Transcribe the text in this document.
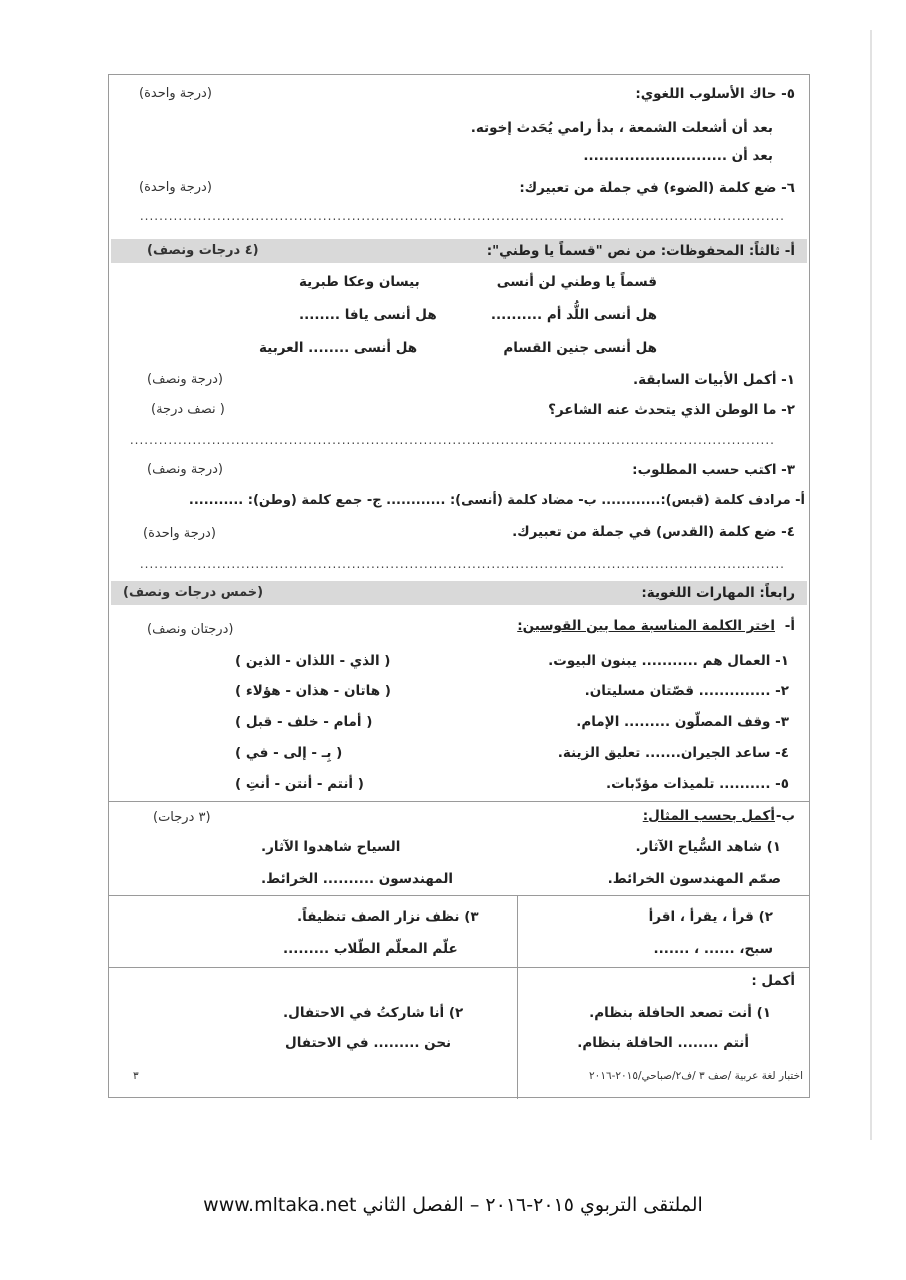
٥- حاك الأسلوب اللغوي:
(درجة واحدة)
بعد أن أشعلت الشمعة ، بدأ رامي يُحَدث إخوته.
بعد أن ............................
٦- ضع كلمة (الضوء) في جملة من تعبيرك:
(درجة واحدة)
......................................................................................................................................
أ- ثالثاً: المحفوظات: من نص "قسماً يا وطني":
(٤ درجات ونصف)
قسماً يا وطني لن أنسى
بيسان وعكا طبرية
هل أنسى اللُّد أم ..........
هل أنسى يافا ........
هل أنسى جنين القسام
هل أنسى ........ العربية
١- أكمل الأبيات السابقة.
(درجة ونصف)
٢- ما الوطن الذي يتحدث عنه الشاعر؟
( نصف درجة)
......................................................................................................................................
٣- اكتب حسب المطلوب:
(درجة ونصف)
أ- مرادف كلمة (قبس):............ ب- مضاد كلمة (أنسى): ............ ج- جمع كلمة (وطن): ...........
٤- ضع كلمة (القدس) في جملة من تعبيرك.
(درجة واحدة)
......................................................................................................................................
رابعاً: المهارات اللغوية:
(خمس درجات ونصف)
أ-
اختر الكلمة المناسبة مما بين القوسين:
(درجتان ونصف)
١- العمال هم ........... يبنون البيوت.
( الذي - اللذان - الذين )
٢- .............. قصّتان مسليتان.
( هاتان - هذان - هؤلاء )
٣- وقف المصلّون ......... الإمام.
( أمام - خلف - قبل )
٤- ساعد الجيران....... تعليق الزينة.
( بِـ - إلى - في )
٥- .......... تلميذات مؤدّبات.
( أنتم - أنتن - أنتِ )
ب-
أكمل بحسب المثال:
(٣ درجات)
١) شاهد السُّياح الآثار.
السياح شاهدوا الآثار.
صمّم المهندسون الخرائط.
المهندسون .......... الخرائط.
٢) قرأ ، يقرأ ، اقرأ
سبح، ...... ، .......
٣) نظف نزار الصف تنظيفاً.
علّم المعلّم الطّلاب .........
أكمل :
١) أنت تصعد الحافلة بنظام.
أنتم ........ الحافلة بنظام.
٢) أنا شاركتُ في الاحتفال.
نحن ......... في الاحتفال
اختبار لغة عربية /صف ٣ /ف٢/صباحي/٢٠١٥-٢٠١٦
٣
الملتقى التربوي ٢٠١٥-٢٠١٦ – الفصل الثاني www.mltaka.net
